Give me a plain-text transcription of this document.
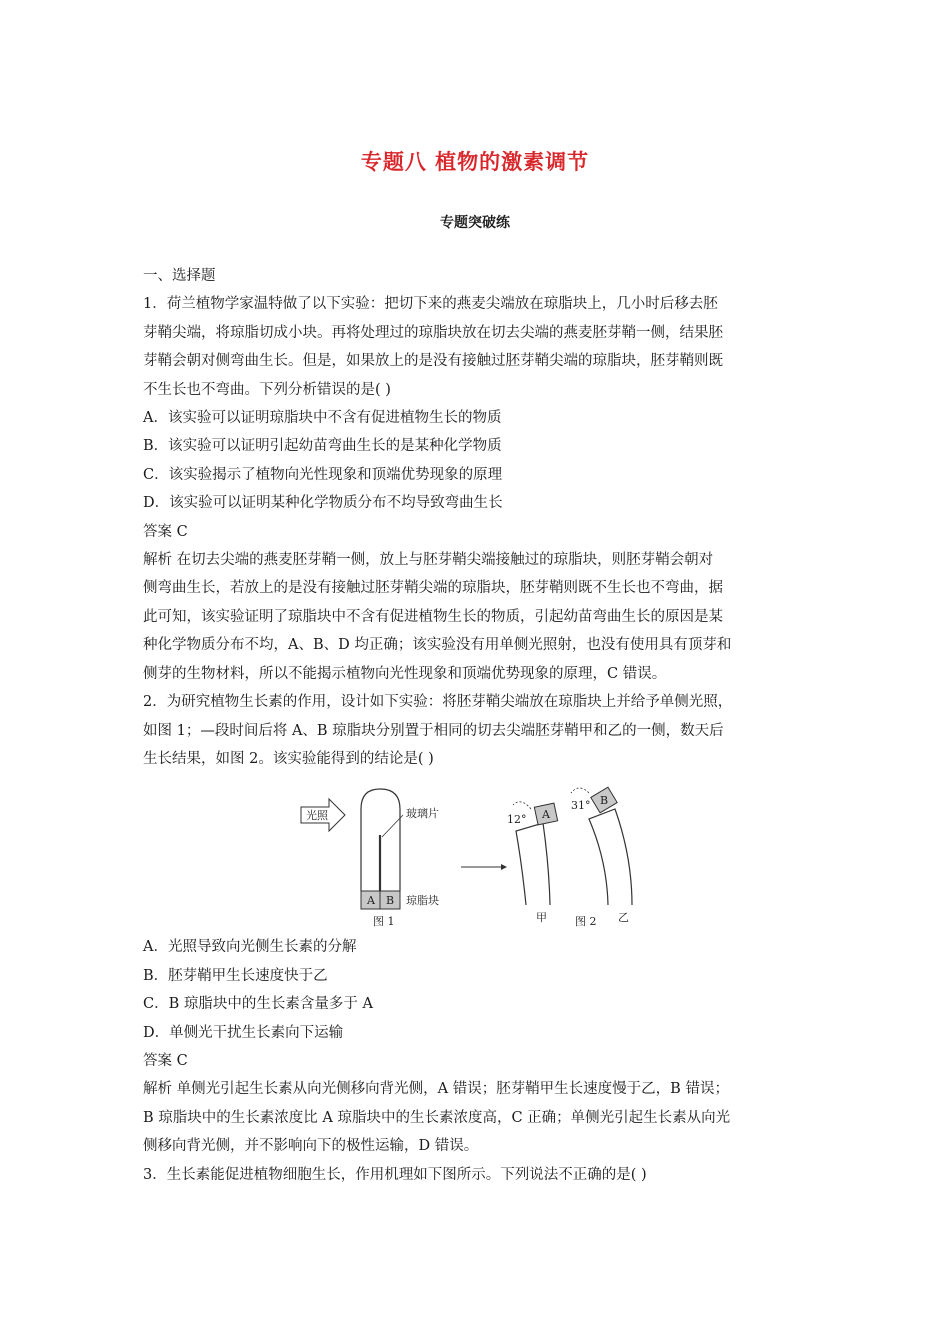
专题八 植物的激素调节
专题突破练
一、选择题
1．荷兰植物学家温特做了以下实验：把切下来的燕麦尖端放在琼脂块上，几小时后移去胚
芽鞘尖端，将琼脂切成小块。再将处理过的琼脂块放在切去尖端的燕麦胚芽鞘一侧，结果胚
芽鞘会朝对侧弯曲生长。但是，如果放上的是没有接触过胚芽鞘尖端的琼脂块，胚芽鞘则既
不生长也不弯曲。下列分析错误的是( )
A．该实验可以证明琼脂块中不含有促进植物生长的物质
B．该实验可以证明引起幼苗弯曲生长的是某种化学物质
C．该实验揭示了植物向光性现象和顶端优势现象的原理
D．该实验可以证明某种化学物质分布不均导致弯曲生长
答案 C
解析 在切去尖端的燕麦胚芽鞘一侧，放上与胚芽鞘尖端接触过的琼脂块，则胚芽鞘会朝对
侧弯曲生长，若放上的是没有接触过胚芽鞘尖端的琼脂块，胚芽鞘则既不生长也不弯曲，据
此可知，该实验证明了琼脂块中不含有促进植物生长的物质，引起幼苗弯曲生长的原因是某
种化学物质分布不均，A、B、D 均正确；该实验没有用单侧光照射，也没有使用具有顶芽和
侧芽的生物材料，所以不能揭示植物向光性现象和顶端优势现象的原理，C 错误。
2．为研究植物生长素的作用，设计如下实验：将胚芽鞘尖端放在琼脂块上并给予单侧光照，
如图 1；—段时间后将 A、B 琼脂块分别置于相同的切去尖端胚芽鞘甲和乙的一侧，数天后
生长结果，如图 2。该实验能得到的结论是( )
光照	玻璃片
A B 琼脂块
图 1
A
12°
甲
B
31°
乙
图 2
A．光照导致向光侧生长素的分解
B．胚芽鞘甲生长速度快于乙
C．B 琼脂块中的生长素含量多于 A
D．单侧光干扰生长素向下运输
答案 C
解析 单侧光引起生长素从向光侧移向背光侧，A 错误；胚芽鞘甲生长速度慢于乙，B 错误；
B 琼脂块中的生长素浓度比 A 琼脂块中的生长素浓度高，C 正确；单侧光引起生长素从向光
侧移向背光侧，并不影响向下的极性运输，D 错误。
3．生长素能促进植物细胞生长，作用机理如下图所示。下列说法不正确的是( )
